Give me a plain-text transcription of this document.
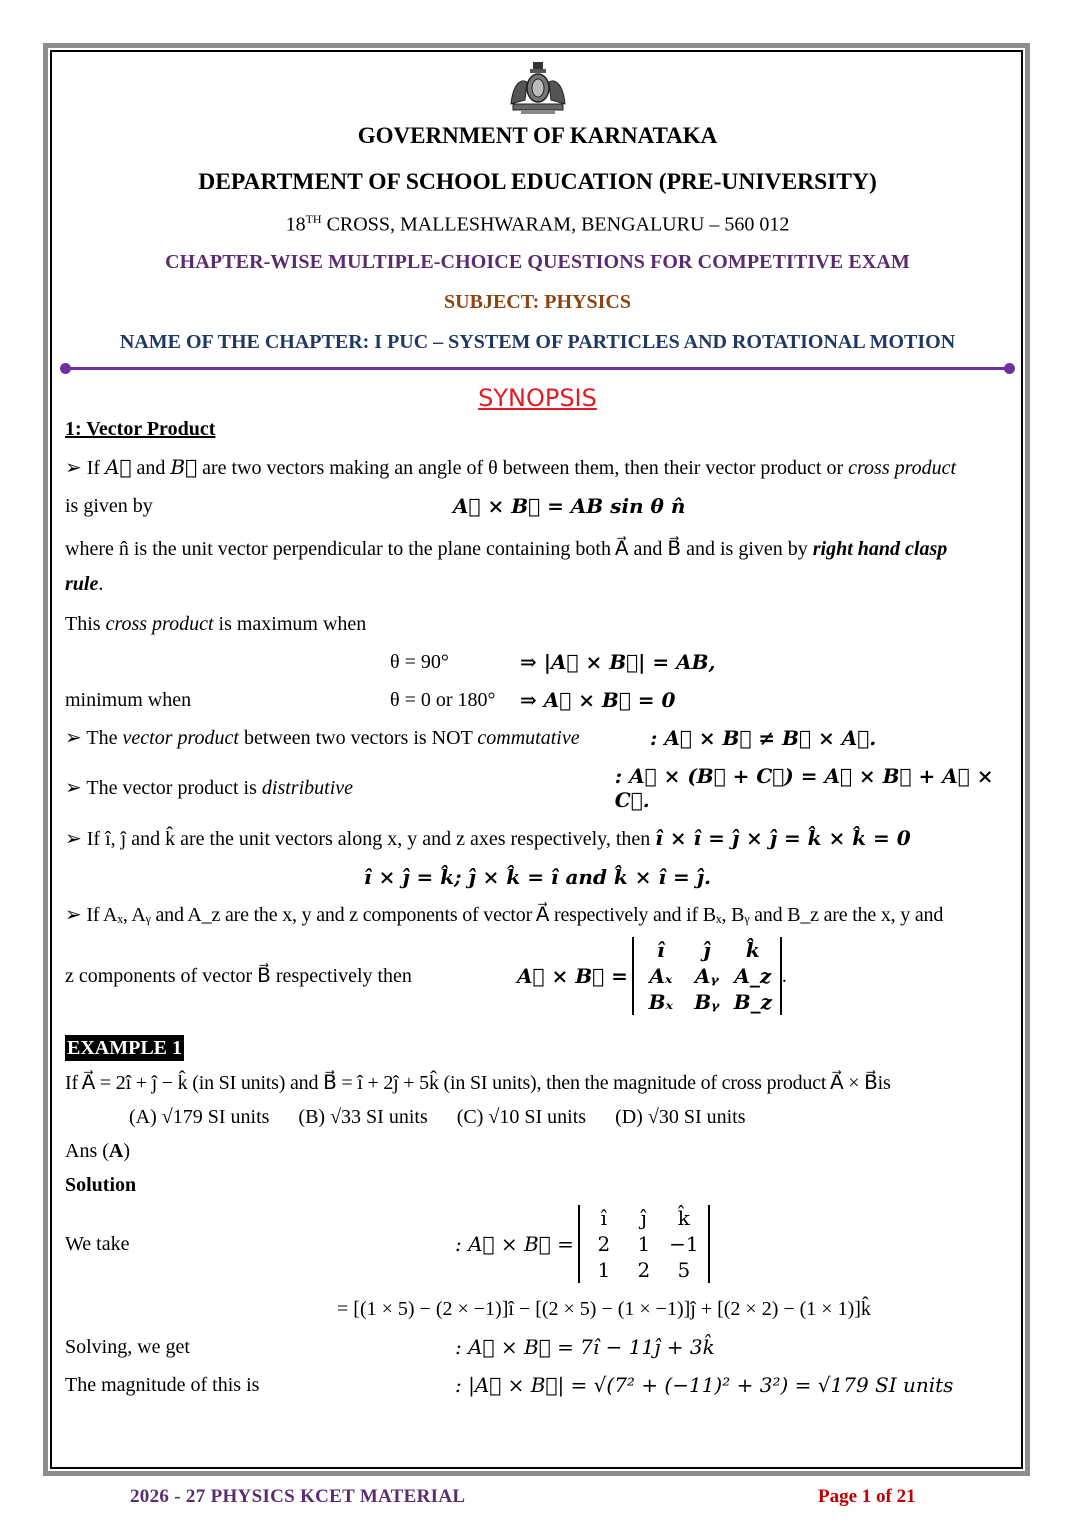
GOVERNMENT OF KARNATAKA
DEPARTMENT OF SCHOOL EDUCATION (PRE-UNIVERSITY)
18TH CROSS, MALLESHWARAM, BENGALURU – 560 012
CHAPTER-WISE MULTIPLE-CHOICE QUESTIONS FOR COMPETITIVE EXAM
SUBJECT: PHYSICS
NAME OF THE CHAPTER: I PUC – SYSTEM OF PARTICLES AND ROTATIONAL MOTION
SYNOPSIS
1: Vector Product
➢ If A⃗ and B⃗ are two vectors making an angle of θ between them, then their vector product or cross product
is given by	A⃗ × B⃗ = AB sin θ n̂
where n̂ is the unit vector perpendicular to the plane containing both A⃗ and B⃗ and is given by right hand clasp
rule.
This cross product is maximum when
θ = 90°	⇒ |A⃗ × B⃗| = AB,
minimum when	θ = 0 or 180°	⇒ A⃗ × B⃗ = 0
➢ The vector product between two vectors is NOT commutative	: A⃗ × B⃗ ≠ B⃗ × A⃗.
➢ The vector product is distributive	: A⃗ × (B⃗ + C⃗) = A⃗ × B⃗ + A⃗ × C⃗.
➢ If î, ĵ and k̂ are the unit vectors along x, y and z axes respectively, then î × î = ĵ × ĵ = k̂ × k̂ = 0
î × ĵ = k̂; ĵ × k̂ = î and k̂ × î = ĵ.
➢ If Aₓ, Aᵧ and A_z are the x, y and z components of vector A⃗ respectively and if Bₓ, Bᵧ and B_z are the x, y and
z components of vector B⃗ respectively then	A⃗ × B⃗ =
î	ĵ	k̂
Aₓ	Aᵧ A_z
Bₓ	Bᵧ B_z
.
EXAMPLE 1
If A⃗ = 2î + ĵ − k̂ (in SI units) and B⃗ = î + 2ĵ + 5k̂ (in SI units), then the magnitude of cross product A⃗ × B⃗is
(A) √179 SI units (B) √33 SI units (C) √10 SI units (D) √30 SI units
Ans (A)
Solution
We take	: A⃗ × B⃗ =
î	ĵ	k̂
2	1 −1
1	2	5
= [(1 × 5) − (2 × −1)]î − [(2 × 5) − (1 × −1)]ĵ + [(2 × 2) − (1 × 1)]k̂
Solving, we get	: A⃗ × B⃗ = 7î − 11ĵ + 3k̂
The magnitude of this is	: |A⃗ × B⃗| = √(7² + (−11)² + 3²) = √179 SI units
2026 - 27 PHYSICS KCET MATERIAL	Page 1 of 21
